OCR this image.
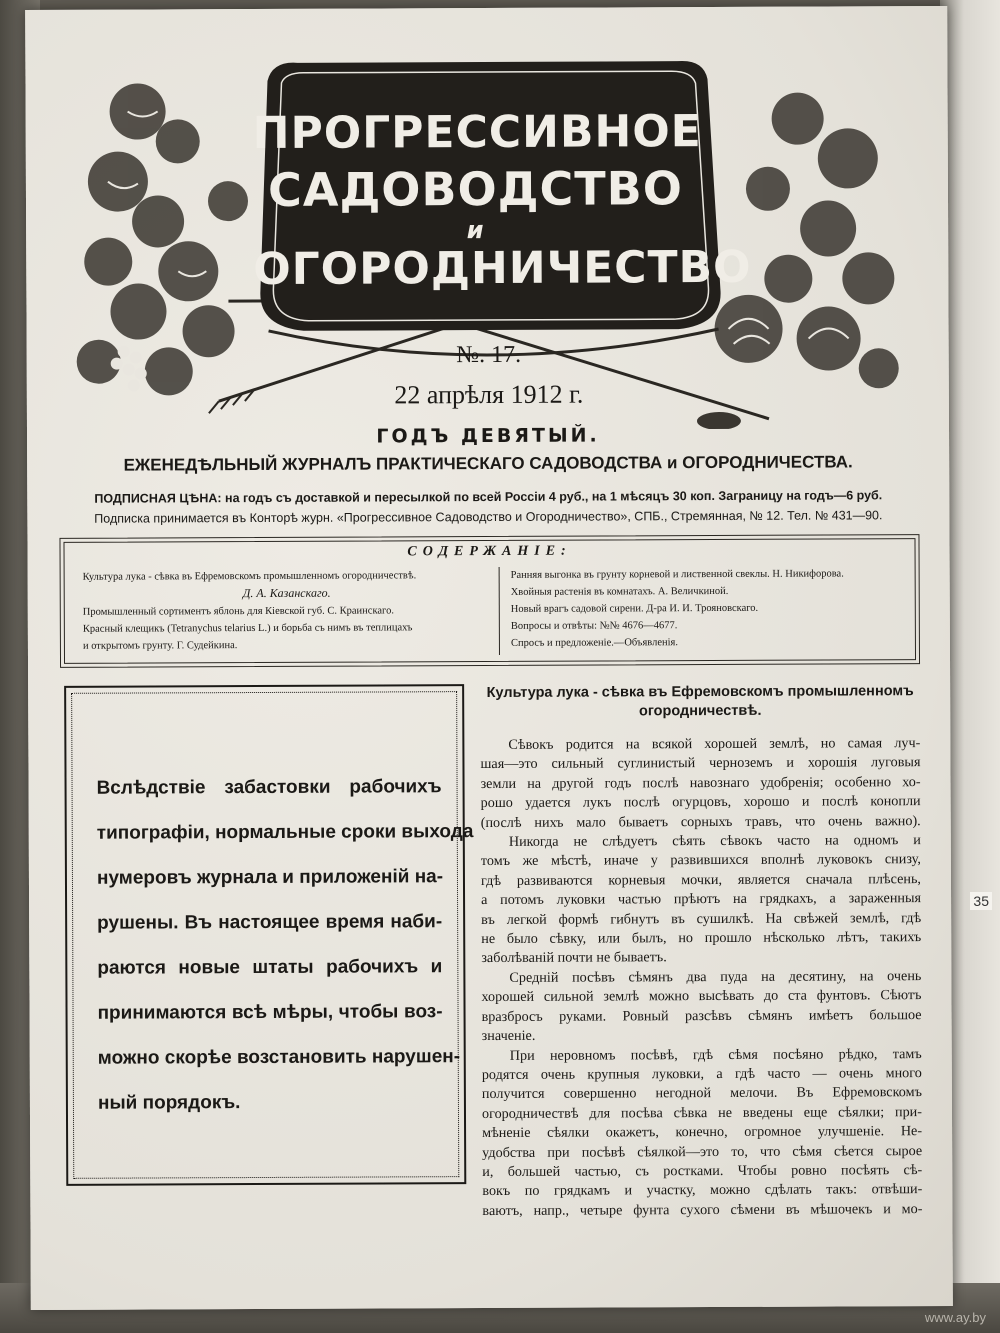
35
www.ay.by
ПРОГРЕССИВНОЕ
САДОВОДСТВО
и
ОГОРОДНИЧЕСТВО
№. 17.
22 апрѣля 1912 г.
ГОДЪ ДЕВЯТЫЙ.
ЕЖЕНЕДѢЛЬНЫЙ ЖУРНАЛЪ ПРАКТИЧЕСКАГО САДОВОДСТВА и ОГОРОДНИЧЕСТВА.
ПОДПИСНАЯ ЦѢНА: на годъ съ доставкой и пересылкой по всей Россіи 4 руб., на 1 мѣсяцъ 30 коп. Заграницу на годъ—6 руб.
Подписка принимается въ Конторѣ журн. «Прогрессивное Садоводство и Огородничество», СПБ., Стремянная, № 12. Тел. № 431—90.
СОДЕРЖАНІЕ:
Культура лука - сѣвка въ Ефремовскомъ промышленномъ огородничествѣ.
Д. А. Казанскаго.
Промышленный сортиментъ яблонь для Кіевской губ. С. Краинскаго.
Красный клещикъ (Tetranychus telarius L.) и борьба съ нимъ въ теплицахъ
и открытомъ грунту. Г. Судейкина.
Ранняя выгонка въ грунту корневой и лиственной свеклы. Н. Никифорова.
Хвойныя растенія въ комнатахъ. А. Величкиной.
Новый врагъ садовой сирени. Д-ра И. И. Трояновскаго.
Вопросы и отвѣты: №№ 4676—4677.
Спросъ и предложеніе.—Объявленія.
Вслѣдствіе забастовки рабочихъ
типографіи, нормальные сроки выхода
нумеровъ журнала и приложеній на-
рушены. Въ настоящее время наби-
раются новые штаты рабочихъ и
принимаются всѣ мѣры, чтобы воз-
можно скорѣе возстановить нарушен-
ный порядокъ.
Культура лука - сѣвка въ Ефремовскомъ промышленномъ
огородничествѣ.
Сѣвокъ родится на всякой хорошей землѣ, но самая луч-
шая—это сильный суглинистый черноземъ и хорошія луговыя
земли на другой годъ послѣ навознаго удобренія; особенно хо-
рошо удается лукъ послѣ огурцовъ, хорошо и послѣ конопли
(послѣ нихъ мало бываетъ сорныхъ травъ, что очень важно).
Никогда не слѣдуетъ сѣять сѣвокъ часто на одномъ и
томъ же мѣстѣ, иначе у развившихся вполнѣ луковокъ снизу,
гдѣ развиваются корневыя мочки, является сначала плѣсень,
а потомъ луковки частью прѣютъ на грядкахъ, а зараженныя
въ легкой формѣ гибнутъ въ сушилкѣ. На свѣжей землѣ, гдѣ
не было сѣвку, или былъ, но прошло нѣсколько лѣтъ, такихъ
заболѣваній почти не бываетъ.
Средній посѣвъ сѣмянъ два пуда на десятину, на очень
хорошей сильной землѣ можно высѣвать до ста фунтовъ. Сѣютъ
вразбросъ руками. Ровный разсѣвъ сѣмянъ имѣетъ большое
значеніе.
При неровномъ посѣвѣ, гдѣ сѣмя посѣяно рѣдко, тамъ
родятся очень крупныя луковки, а гдѣ часто — очень много
получится совершенно негодной мелочи. Въ Ефремовскомъ
огородничествѣ для посѣва сѣвка не введены еще сѣялки; при-
мѣненіе сѣялки окажетъ, конечно, огромное улучшеніе. Не-
удобства при посѣвѣ сѣялкой—это то, что сѣмя сѣется сырое
и, большей частью, съ ростками. Чтобы ровно посѣять сѣ-
вокъ по грядкамъ и участку, можно сдѣлать такъ: отвѣши-
ваютъ, напр., четыре фунта сухого сѣмени въ мѣшочекъ и мо-
